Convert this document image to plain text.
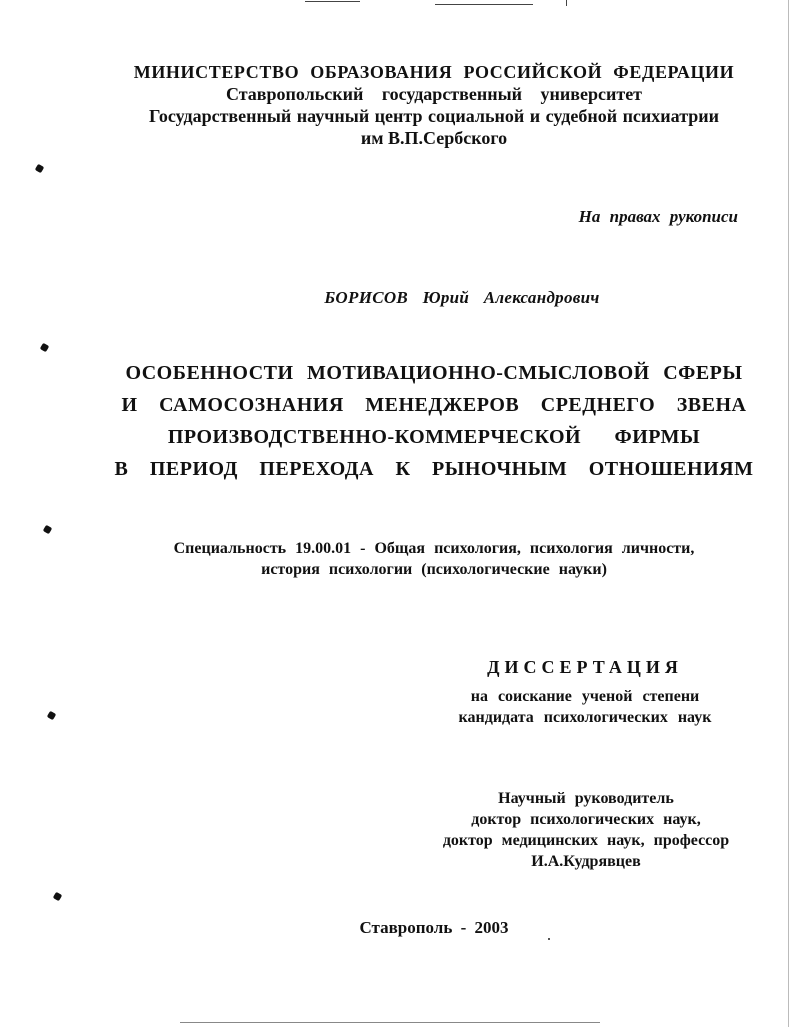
МИНИСТЕРСТВО ОБРАЗОВАНИЯ РОССИЙСКОЙ ФЕДЕРАЦИИ
Ставропольский государственный университет
Государственный научный центр социальной и судебной психиатрии
им В.П.Сербского
На правах рукописи
БОРИСОВ Юрий Александрович
ОСОБЕННОСТИ МОТИВАЦИОННО-СМЫСЛОВОЙ СФЕРЫ
И САМОСОЗНАНИЯ МЕНЕДЖЕРОВ СРЕДНЕГО ЗВЕНА
ПРОИЗВОДСТВЕННО-КОММЕРЧЕСКОЙ ФИРМЫ
В ПЕРИОД ПЕРЕХОДА К РЫНОЧНЫМ ОТНОШЕНИЯМ
Специальность 19.00.01 - Общая психология, психология личности,
история психологии (психологические науки)
ДИССЕРТАЦИЯ
на соискание ученой степени
кандидата психологических наук
Научный руководитель
доктор психологических наук,
доктор медицинских наук, профессор
И.А.Кудрявцев
Ставрополь - 2003
